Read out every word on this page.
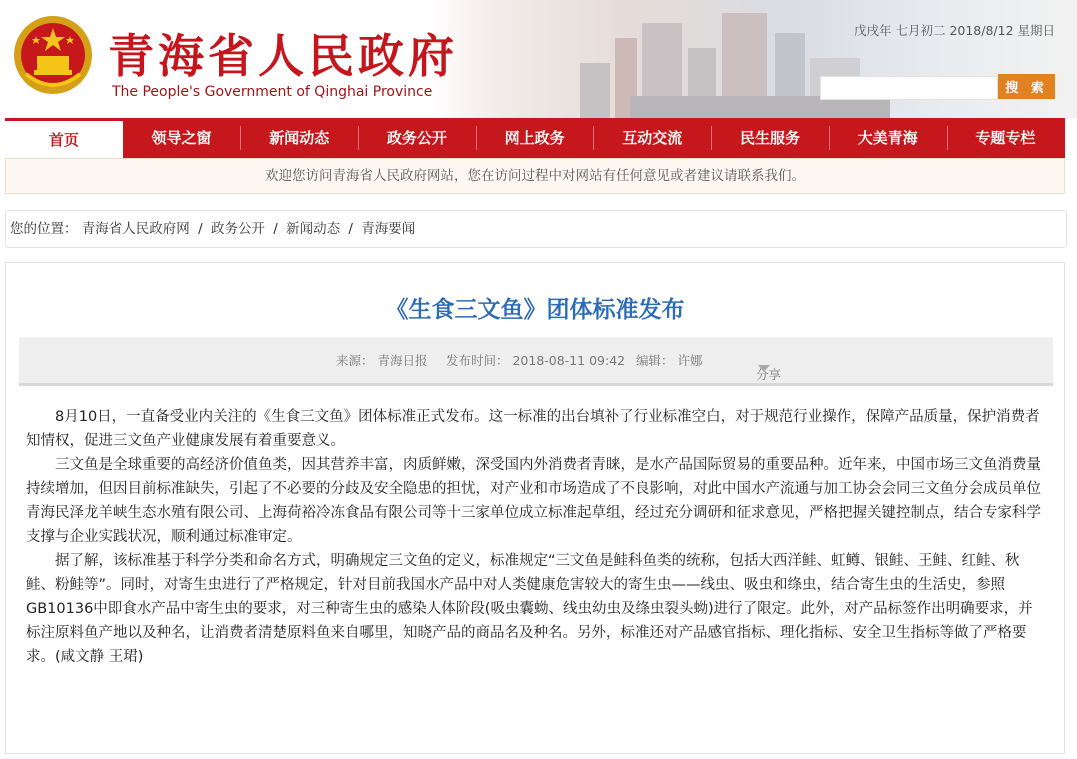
青海省人民政府
The People's Government of Qinghai Province
戊戌年 七月初二 2018/8/12 星期日
搜 索
首页	领导之窗	新闻动态	政务公开	网上政务	互动交流	民生服务	大美青海	专题专栏
欢迎您访问青海省人民政府网站，您在访问过程中对网站有任何意见或者建议请联系我们。
您的位置： 青海省人民政府网 / 政务公开 / 新闻动态 / 青海要闻
《生食三文鱼》团体标准发布
来源： 青海日报 发布时间： 2018-08-11 09:42 编辑： 许娜
分享

8月10日，一直备受业内关注的《生食三文鱼》团体标准正式发布。这一标准的出台填补了行业标准空白，对于规范行业操作，保障产品质量，保护消费者知情权，促进三文鱼产业健康发展有着重要意义。

三文鱼是全球重要的高经济价值鱼类，因其营养丰富，肉质鲜嫩，深受国内外消费者青睐，是水产品国际贸易的重要品种。近年来，中国市场三文鱼消费量持续增加，但因目前标准缺失，引起了不必要的分歧及安全隐患的担忧，对产业和市场造成了不良影响，对此中国水产流通与加工协会会同三文鱼分会成员单位青海民泽龙羊峡生态水殖有限公司、上海荷裕冷冻食品有限公司等十三家单位成立标准起草组，经过充分调研和征求意见，严格把握关键控制点，结合专家科学支撑与企业实践状况，顺利通过标准审定。

据了解，该标准基于科学分类和命名方式，明确规定三文鱼的定义，标准规定“三文鱼是鲑科鱼类的统称，包括大西洋鲑、虹鳟、银鲑、王鲑、红鲑、秋鲑、粉鲑等”。同时，对寄生虫进行了严格规定，针对目前我国水产品中对人类健康危害较大的寄生虫——线虫、吸虫和绦虫，结合寄生虫的生活史，参照GB10136中即食水产品中寄生虫的要求，对三种寄生虫的感染人体阶段(吸虫囊蚴、线虫幼虫及绦虫裂头蚴)进行了限定。此外，对产品标签作出明确要求，并标注原料鱼产地以及种名，让消费者清楚原料鱼来自哪里，知晓产品的商品名及种名。另外，标准还对产品感官指标、理化指标、安全卫生指标等做了严格要求。(咸文静 王珺)
